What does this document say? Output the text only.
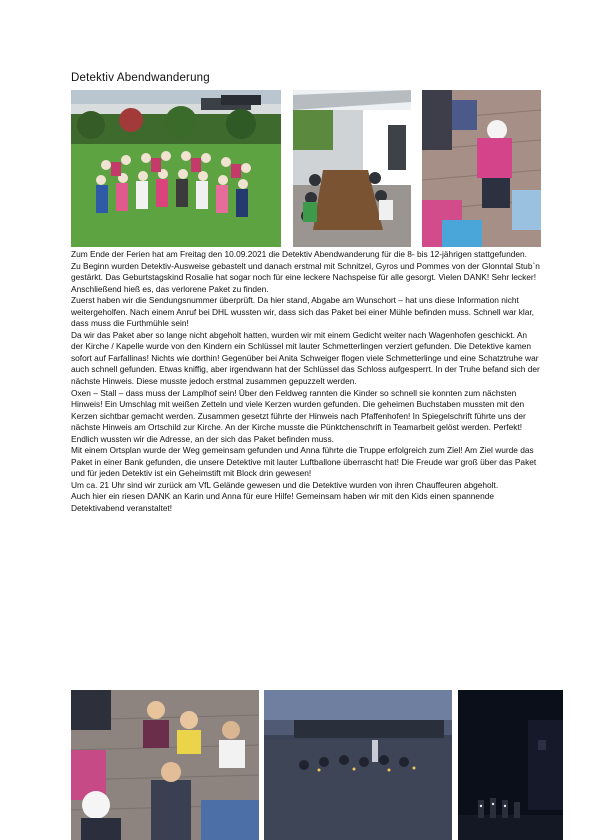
Detektiv Abendwanderung

Zum Ende der Ferien hat am Freitag den 10.09.2021 die Detektiv Abendwanderung für die 8- bis 12-jährigen stattgefunden.

Zu Beginn wurden Detektiv-Ausweise gebastelt und danach erstmal mit Schnitzel, Gyros und Pommes von der Glonntal Stub`n gestärkt. Das Geburtstagskind Rosalie hat sogar noch für eine leckere Nachspeise für alle gesorgt. Vielen DANK! Sehr lecker!

Anschließend hieß es, das verlorene Paket zu finden.

Zuerst haben wir die Sendungsnummer überprüft. Da hier stand, Abgabe am Wunschort – hat uns diese Information nicht weitergeholfen. Nach einem Anruf bei DHL wussten wir, dass sich das Paket bei einer Mühle befinden muss. Schnell war klar, dass muss die Furthmühle sein!

Da wir das Paket aber so lange nicht abgeholt hatten, wurden wir mit einem Gedicht weiter nach Wagenhofen geschickt. An der Kirche / Kapelle wurde von den Kindern ein Schlüssel mit lauter Schmetterlingen verziert gefunden. Die Detektive kamen sofort auf Farfallinas! Nichts wie dorthin! Gegenüber bei Anita Schweiger flogen viele Schmetterlinge und eine Schatztruhe war auch schnell gefunden. Etwas kniffig, aber irgendwann hat der Schlüssel das Schloss aufgesperrt. In der Truhe befand sich der nächste Hinweis. Diese musste jedoch erstmal zusammen gepuzzelt werden.

Oxen – Stall – dass muss der Lamplhof sein! Über den Feldweg rannten die Kinder so schnell sie konnten zum nächsten Hinweis! Ein Umschlag mit weißen Zetteln und viele Kerzen wurden gefunden. Die geheimen Buchstaben mussten mit den Kerzen sichtbar gemacht werden. Zusammen gesetzt führte der Hinweis nach Pfaffenhofen! In Spiegelschrift führte uns der nächste Hinweis am Ortschild zur Kirche. An der Kirche musste die Pünktchenschrift in Teamarbeit gelöst werden. Perfekt! Endlich wussten wir die Adresse, an der sich das Paket befinden muss.

Mit einem Ortsplan wurde der Weg gemeinsam gefunden und Anna führte die Truppe erfolgreich zum Ziel! Am Ziel wurde das Paket in einer Bank gefunden, die unsere Detektive mit lauter Luftballone überrascht hat! Die Freude war groß über das Paket und für jeden Detektiv ist ein Geheimstift mit Block drin gewesen!

Um ca. 21 Uhr sind wir zurück am VfL Gelände gewesen und die Detektive wurden von ihren Chauffeuren abgeholt.

Auch hier ein riesen DANK an Karin und Anna für eure Hilfe! Gemeinsam haben wir mit den Kids einen spannende Detektivabend veranstaltet!
